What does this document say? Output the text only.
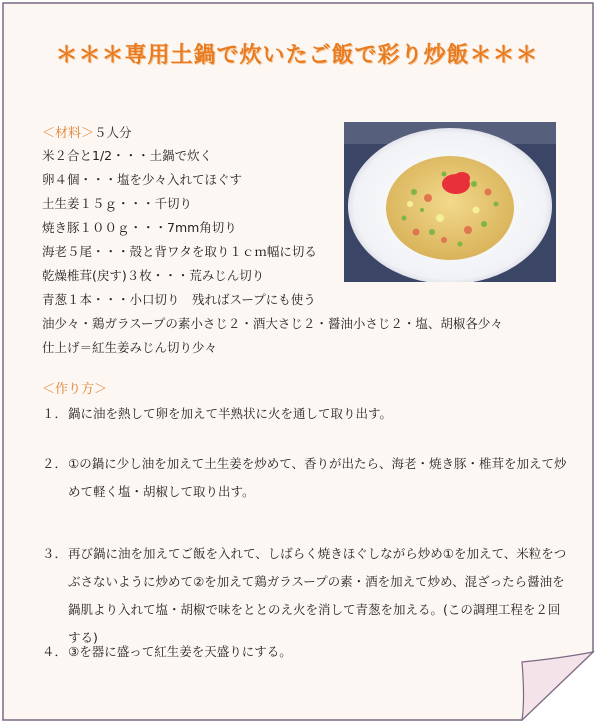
＊＊＊専用土鍋で炊いたご飯で彩り炒飯＊＊＊
＜材料＞５人分
米２合と1/2・・・土鍋で炊く
卵４個・・・塩を少々入れてほぐす
土生姜１５ｇ・・・千切り
焼き豚１００ｇ・・・7mm角切り
海老５尾・・・殻と背ワタを取り１ｃｍ幅に切る
乾燥椎茸(戻す)３枚・・・荒みじん切り
青葱１本・・・小口切り　残ればスープにも使う
油少々・鶏ガラスープの素小さじ２・酒大さじ２・醤油小さじ２・塩、胡椒各少々
仕上げ＝紅生姜みじん切り少々
＜作り方＞
１． 鍋に油を熱して卵を加えて半熟状に火を通して取り出す。
２． ①の鍋に少し油を加えて土生姜を炒めて、香りが出たら、海老・焼き豚・椎茸を加えて炒めて軽く塩・胡椒して取り出す。
３． 再び鍋に油を加えてご飯を入れて、しばらく焼きほぐしながら炒め①を加えて、米粒をつぶさないように炒めて②を加えて鶏ガラスープの素・酒を加えて炒め、混ざったら醤油を鍋肌より入れて塩・胡椒で味をととのえ火を消して青葱を加える。(この調理工程を２回する)
４． ③を器に盛って紅生姜を天盛りにする。
